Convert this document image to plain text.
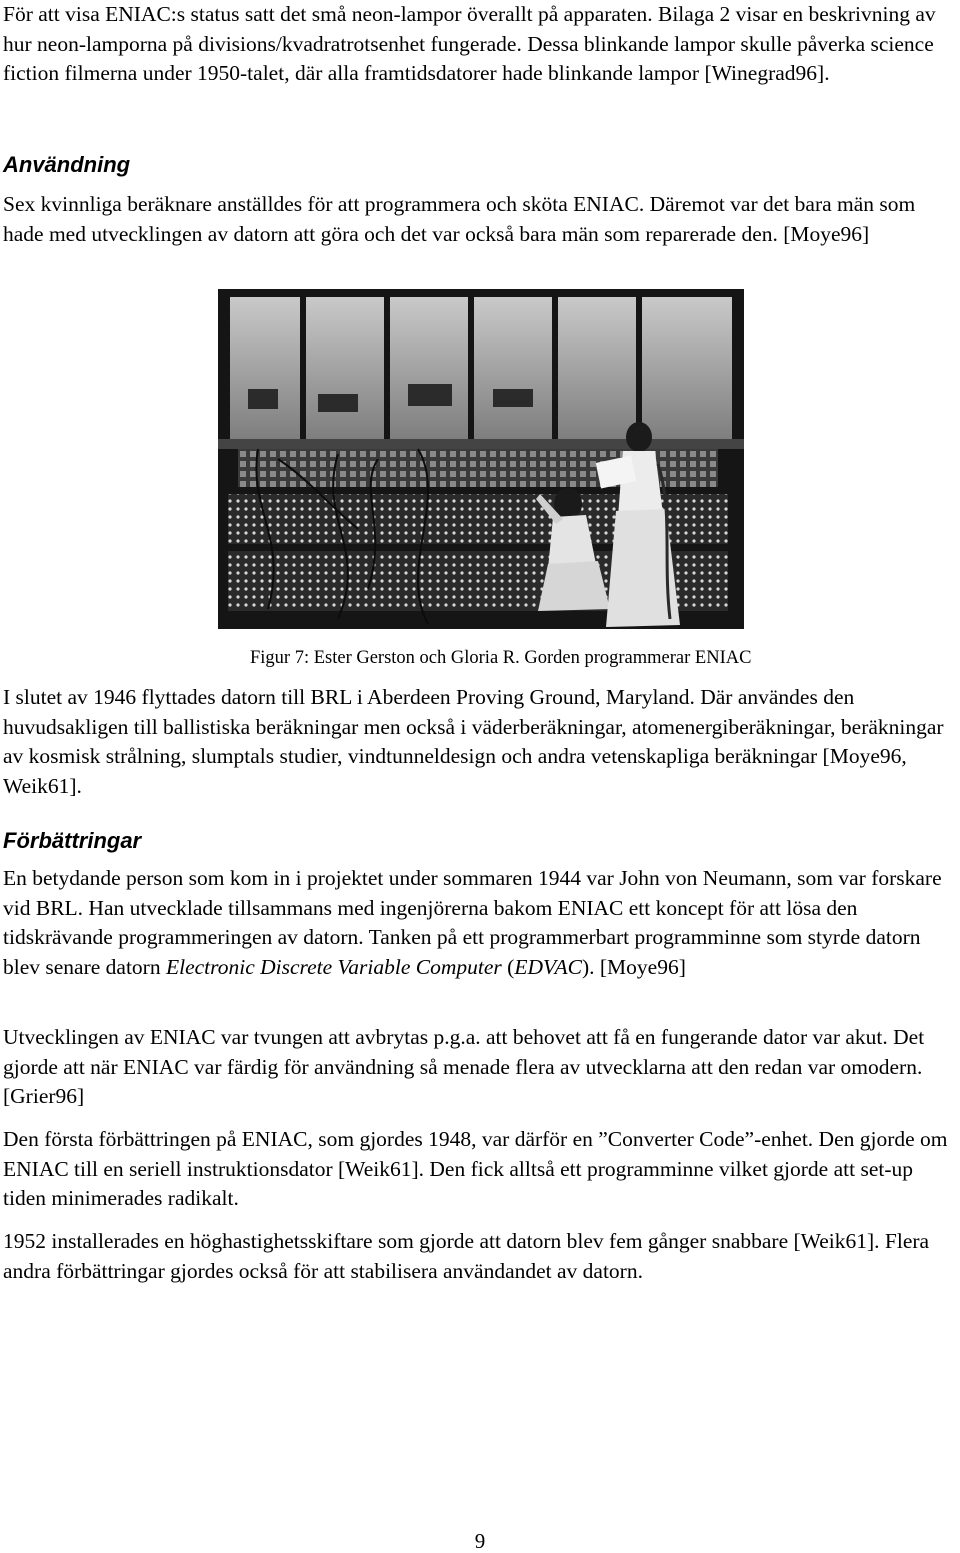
För att visa ENIAC:s status satt det små neon-lampor överallt på apparaten. Bilaga 2 visar en beskrivning av hur neon-lamporna på divisions/kvadratrotsenhet fungerade. Dessa blinkande lampor skulle påverka science fiction filmerna under 1950-talet, där alla framtidsdatorer hade blinkande lampor [Winegrad96].

Användning

Sex kvinnliga beräknare anställdes för att programmera och sköta ENIAC. Däremot var det bara män som hade med utvecklingen av datorn att göra och det var också bara män som reparerade den. [Moye96]

Figur 7: Ester Gerston och Gloria R. Gorden programmerar ENIAC

I slutet av 1946 flyttades datorn till BRL i Aberdeen Proving Ground, Maryland. Där användes den huvudsakligen till ballistiska beräkningar men också i väderberäkningar, atomenergiberäkningar, beräkningar av kosmisk strålning, slumptals studier, vindtunneldesign och andra vetenskapliga beräkningar [Moye96, Weik61].

Förbättringar

En betydande person som kom in i projektet under sommaren 1944 var John von Neumann, som var forskare vid BRL. Han utvecklade tillsammans med ingenjörerna bakom ENIAC ett koncept för att lösa den tidskrävande programmeringen av datorn. Tanken på ett programmerbart programminne som styrde datorn blev senare datorn Electronic Discrete Variable Computer (EDVAC). [Moye96]

Utvecklingen av ENIAC var tvungen att avbrytas p.g.a. att behovet att få en fungerande dator var akut. Det gjorde att när ENIAC var färdig för användning så menade flera av utvecklarna att den redan var omodern. [Grier96]

Den första förbättringen på ENIAC, som gjordes 1948, var därför en ”Converter Code”-enhet. Den gjorde om ENIAC till en seriell instruktionsdator [Weik61]. Den fick alltså ett programminne vilket gjorde att set-up tiden minimerades radikalt.

1952 installerades en höghastighetsskiftare som gjorde att datorn blev fem gånger snabbare [Weik61]. Flera andra förbättringar gjordes också för att stabilisera användandet av datorn.

9
